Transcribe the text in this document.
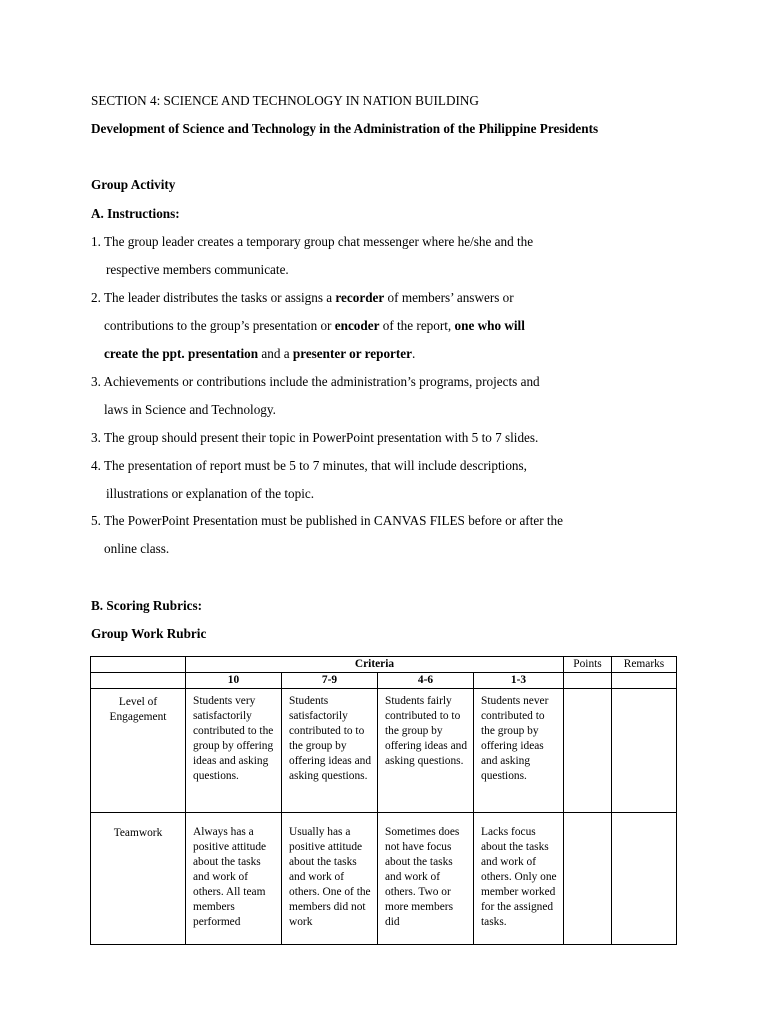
SECTION 4: SCIENCE AND TECHNOLOGY IN NATION BUILDING
Development of Science and Technology in the Administration of the Philippine Presidents
Group Activity
A. Instructions:
1. The group leader creates a temporary group chat messenger where he/she and the
respective members communicate.
2. The leader distributes the tasks or assigns a recorder of members’ answers or
contributions to the group’s presentation or encoder of the report, one who will
create the ppt. presentation and a presenter or reporter.
3. Achievements or contributions include the administration’s programs, projects and
laws in Science and Technology.
3. The group should present their topic in PowerPoint presentation with 5 to 7 slides.
4. The presentation of report must be 5 to 7 minutes, that will include descriptions,
illustrations or explanation of the topic.
5. The PowerPoint Presentation must be published in CANVAS FILES before or after the
online class.
B. Scoring Rubrics:
Group Work Rubric
	Criteria				Points	Remarks
	10	7-9	4-6	1-3		
Level of Engagement	Students very satisfactorily contributed to the group by offering ideas and asking questions.	Students satisfactorily contributed to to the group by offering ideas and asking questions.	Students fairly contributed to to the group by offering ideas and asking questions.	Students never contributed to the group by offering ideas and asking questions.		
Teamwork	Always has a positive attitude about the tasks and work of others. All team members performed	Usually has a positive attitude about the tasks and work of others. One of the members did not work	Sometimes does not have focus about the tasks and work of others. Two or more members did	Lacks focus about the tasks and work of others. Only one member worked for the assigned tasks.		
